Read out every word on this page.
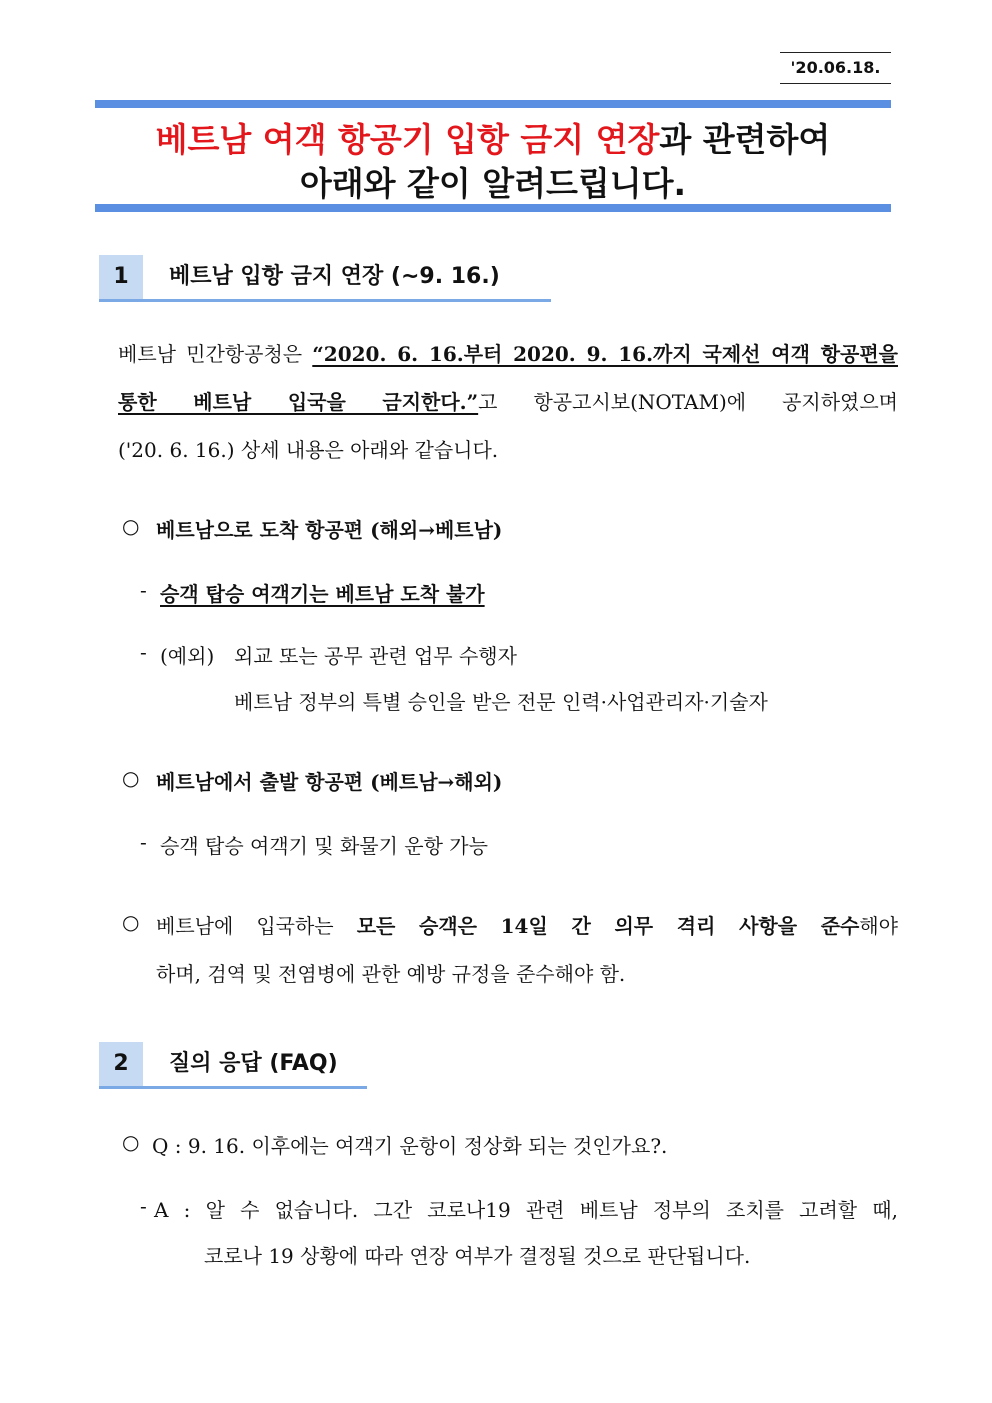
'20.06.18.
베트남 여객 항공기 입항 금지 연장과 관련하여
아래와 같이 알려드립니다.
1	베트남 입항 금지 연장 (~9. 16.)
베트남 민간항공청은 “2020. 6. 16.부터 2020. 9. 16.까지 국제선 여객 항공편을
통한 베트남 입국을 금지한다.”고 항공고시보(NOTAM)에 공지하였으며
('20. 6. 16.) 상세 내용은 아래와 같습니다.
○ 베트남으로 도착 항공편 (해외→베트남)
- 승객 탑승 여객기는 베트남 도착 불가
- (예외) 외교 또는 공무 관련 업무 수행자
베트남 정부의 특별 승인을 받은 전문 인력·사업관리자·기술자
○ 베트남에서 출발 항공편 (베트남→해외)
- 승객 탑승 여객기 및 화물기 운항 가능
○ 베트남에 입국하는 모든 승객은 14일 간 의무 격리 사항을 준수해야
하며, 검역 및 전염병에 관한 예방 규정을 준수해야 함.
2	질의 응답 (FAQ)
○ Q : 9. 16. 이후에는 여객기 운항이 정상화 되는 것인가요?.
- A : 알 수 없습니다. 그간 코로나19 관련 베트남 정부의 조치를 고려할 때,
코로나 19 상황에 따라 연장 여부가 결정될 것으로 판단됩니다.
